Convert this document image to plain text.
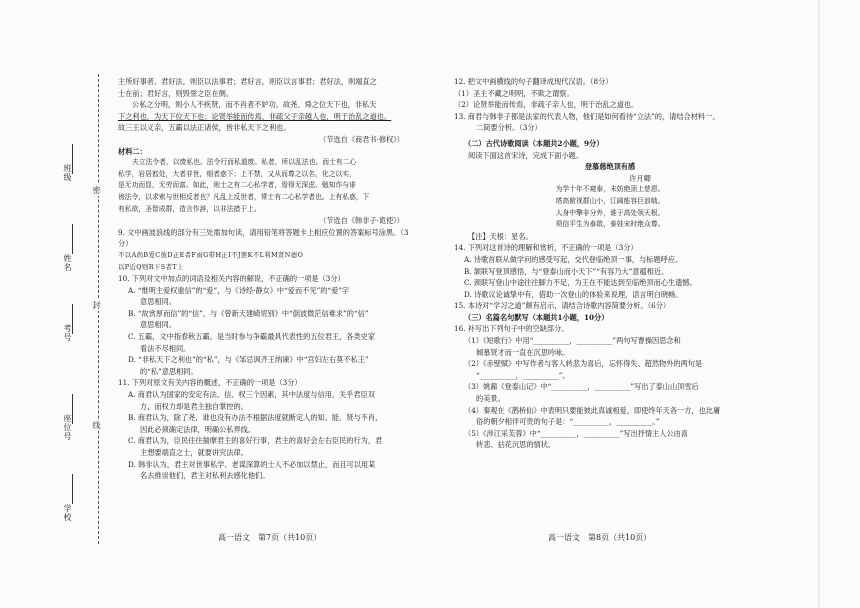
班级
姓名
考号
座位号
学校
密
封
线

主所好事者。君好法，则臣以法事君；君好言，则臣以言事君；君好法，则端直之

士在前；君好言，则毁誉之臣在侧。

公私之分明，则小人不疾贤，而不肖者不妒功。故尧、舜之位天下也，非私天

下之利也，为天下位天下也；论贤举能而传焉，非疏父子亲越人也，明于治乱之道也。

故三王以义亲，五霸以法正诸侯，皆非私天下之利也。

（节选自《商君书·修权》）

材料二：

夫立法令者，以废私也。法令行而私道废。私者，所以乱法也。而士有二心

私学，岩居窞处，大者非世，细者惑下；上不禁，又从而尊之以名，化之以实，

是无功而显，无劳而富。如此，则士之有二心私学者，焉得无深虑、勉知诈与诽

谤法令，以求索与世相反者也？凡乱上反世者，常士有二心私学者也。上有私惑，下

有私欲，圣智成群，造言作辞，以非法措于上。

（节选自《韩非子·诡使》）

9. 文中画波浪线的部分有三处需加句读，请用铅笔将答题卡上相应位置的答案标号涂黑。（3分）

不以A尚B爱C彼D正E者F雨G带H正I不J罢K不L利M贤N德O

以P近Q则R下S者T上

10. 下列对文中加点的词语及相关内容的解说，不正确的一项是（3分）

A. “惟明主爱权重信”的“爱”，与《诗经·静女》中“爱而不见”的“爱”字

意思相同。

B. “故赏厚而信”的“信”，与《曾新天建崎贸别》中“倒波微茫信难求”的“信”

意思相同。

C. 五霸，文中指春秋五霸，是当时参与争霸最具代表性的五位君王，各类史家

看法不尽相同。

D. “非私天下之利也”的“私”，与《邹忌讽齐王纳谏》中“宫妇左右莫不私王”

的“私”意思相同。

11. 下列对原文有关内容的概述，不正确的一项是（3分）

A. 商君认为国家的安定有法、信、权三个因素，其中法度与信用，关乎君臣双

方，而权力却是君主独自掌控的。

B. 商君认为，除了尧，谁也没有办法不根据法度就断定人的知、能、贤与不肖，

因此必须确定法律，明确公私界线。

C. 商君认为，臣民往往揣摩君主的喜好行事，君主的喜好会左右臣民的行为，君

主想要端直之士，就要讲究法律。

D. 韩非认为，君主对世事私学、老谋深算的士人不必加以禁止，而且可以用某

名去推崇他们，君主对私利去感化他们。

12. 把文中画横线的句子翻译成现代汉语。（8分）

（1）圣主不藏之明明，不欺之谓察。

（2）论贤举能而传焉，非疏子亲人也，明于治乱之道也。

13. 商君与韩非子都是法家的代表人物，他们是如何看待“立法”的，请结合材料一、

二简要分析。（3分）

（二）古代诗歌阅读（本题共2小题，9分）

阅读下面这首宋诗，完成下面小题。

登慕慈绝顶有感

许月卿

为学十年不窥泰，未妨绝顶上慈恩。

塔高俯视群山小，江阔能容巨浪啮。

人身中擎非分外，谁于高处领天根。

须信平生为泰敢，泰娃宋时绝众尊。

【注】天根：星名。

14. 下列对这首诗的理解和赏析，不正确的一项是（3分）

A. 诗歌首联从做学问的感受写起，交代登临绝顶一事，与标题呼应。

B. 颔联写登顶感悟，与“登泰山而小天下”“有容乃大”意蕴相近。

C. 颈联写登山中途往往脚力不足，为王在不能达到至临绝顶而心生遗憾。

D. 诗歌议论诚挚中有，借助一次登山的体验来说理，语言明白晓畅。

15. 本诗对“学习之道”颇有启示，请结合诗歌内容简要分析。（6分）

（三）名篇名句默写（本题共1小题，10分）

16. 补写出下列句子中的空缺部分。

（1）《短歌行》中用“__________，__________”两句写曹操因思念和

倾慕贤才而一直在沉思吟咏。

（2）《赤壁赋》中写作者与客人转悲为喜后，忘怀得失、超然物外的两句是

“__________，__________”。

（3）姚鼐《登泰山记》中“__________，__________”写出了泰山山顶雪后

的美景。

（4）秦观在《鹊桥仙》中表明只要能彼此真诚相爱，即使终年天各一方，也比庸

俗的朝夕相伴可贵的句子是：“__________，__________。”

（5）《涉江采芙蓉》中“__________，__________”写出抒情主人公由喜

转悲、拈花沉思的情状。

高一语文　第7页（共10页）	高一语文　第8页（共10页）
